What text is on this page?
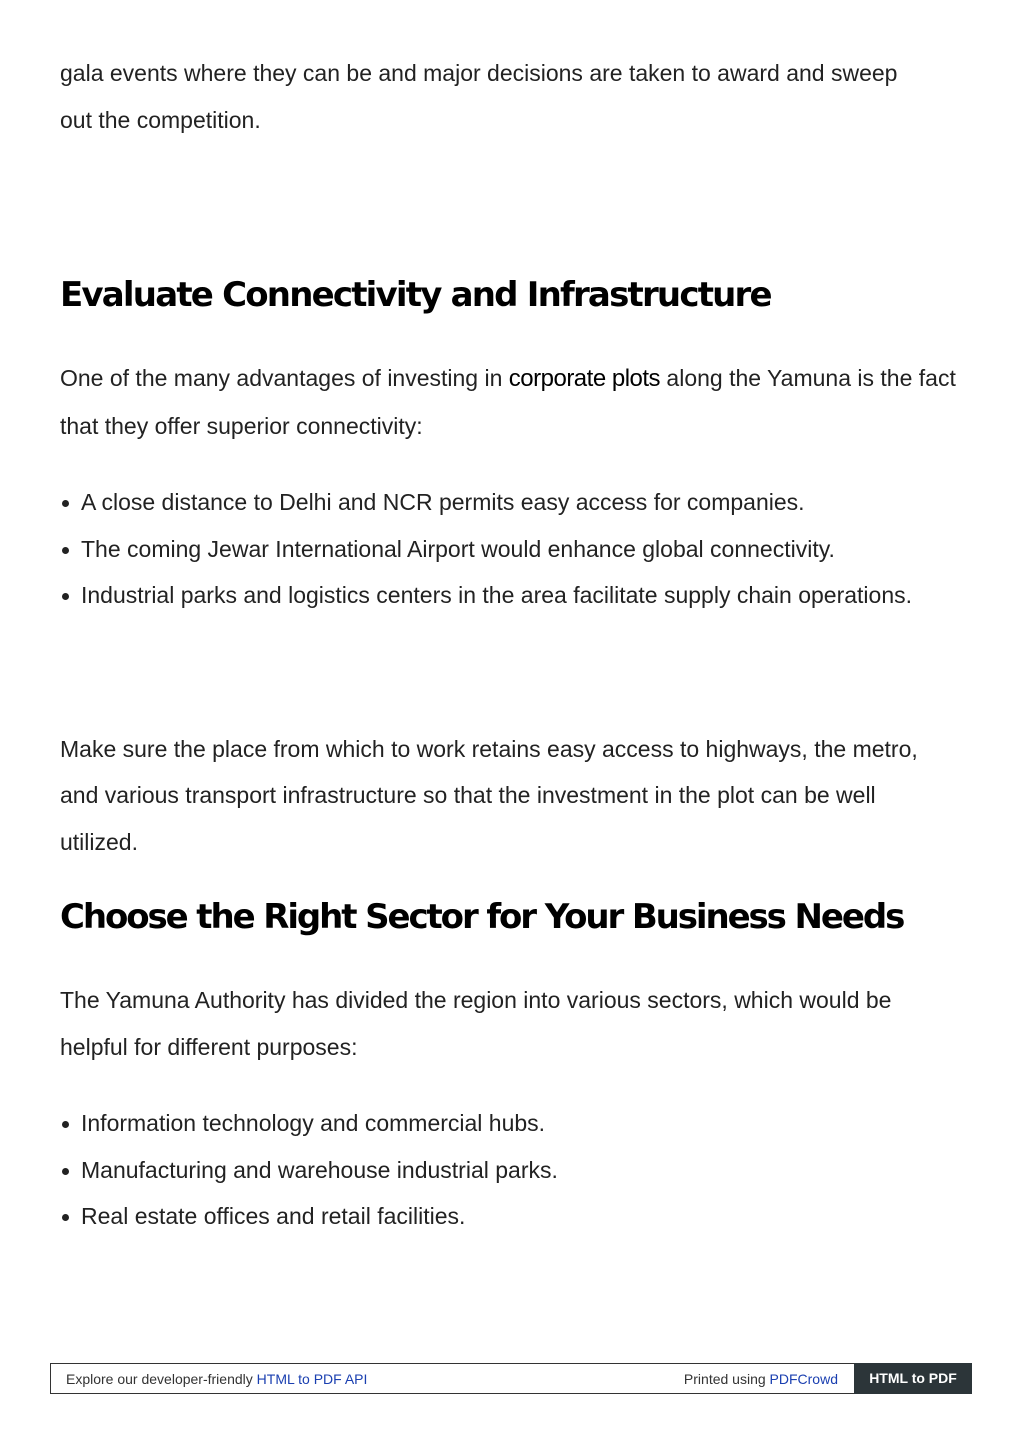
gala events where they can be and major decisions are taken to award and sweep out the competition.

Evaluate Connectivity and Infrastructure

One of the many advantages of investing in corporate plots along the Yamuna is the fact that they offer superior connectivity:

A close distance to Delhi and NCR permits easy access for companies.
The coming Jewar International Airport would enhance global connectivity.
Industrial parks and logistics centers in the area facilitate supply chain operations.

Make sure the place from which to work retains easy access to highways, the metro, and various transport infrastructure so that the investment in the plot can be well utilized.

Choose the Right Sector for Your Business Needs

The Yamuna Authority has divided the region into various sectors, which would be helpful for different purposes:

Information technology and commercial hubs.
Manufacturing and warehouse industrial parks.
Real estate offices and retail facilities.
Explore our developer-friendly HTML to PDF API	Printed using PDFCrowd	HTML to PDF
